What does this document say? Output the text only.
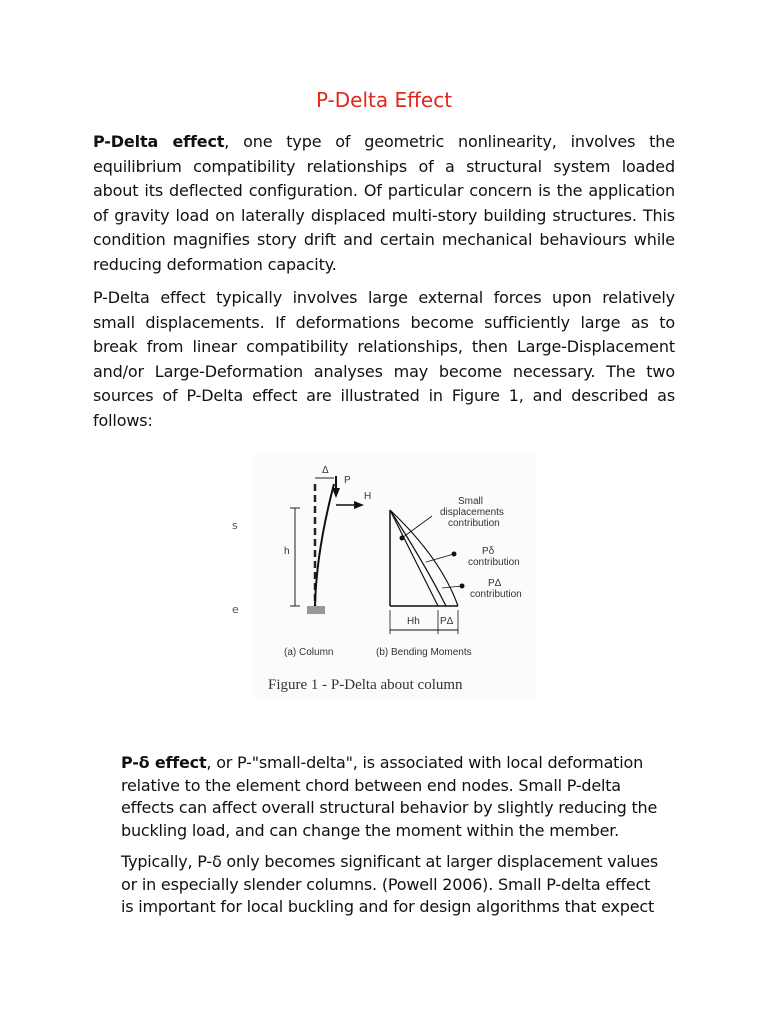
P-Delta Effect

P-Delta effect, one type of geometric nonlinearity, involves the equilibrium compatibility relationships of a structural system loaded about its deflected configuration. Of particular concern is the application of gravity load on laterally displaced multi-story building structures. This condition magnifies story drift and certain mechanical behaviours while reducing deformation capacity.

P-Delta effect typically involves large external forces upon relatively small displacements. If deformations become sufficiently large as to break from linear compatibility relationships, then Large-Displacement and/or Large-Deformation analyses may become necessary. The two sources of P-Delta effect are illustrated in Figure 1, and described as follows:

s
e
Δ
P
H
h
Small
displacements
contribution
Pδ
contribution
PΔ
contribution
Hh PΔ
(a) Column	(b) Bending Moments
Figure 1 - P-Delta about column

P-δ effect, or P-"small-delta", is associated with local deformation relative to the element chord between end nodes. Small P-delta effects can affect overall structural behavior by slightly reducing the buckling load, and can change the moment within the member.

Typically, P-δ only becomes significant at larger displacement values or in especially slender columns. (Powell 2006). Small P-delta effect is important for local buckling and for design algorithms that expect
